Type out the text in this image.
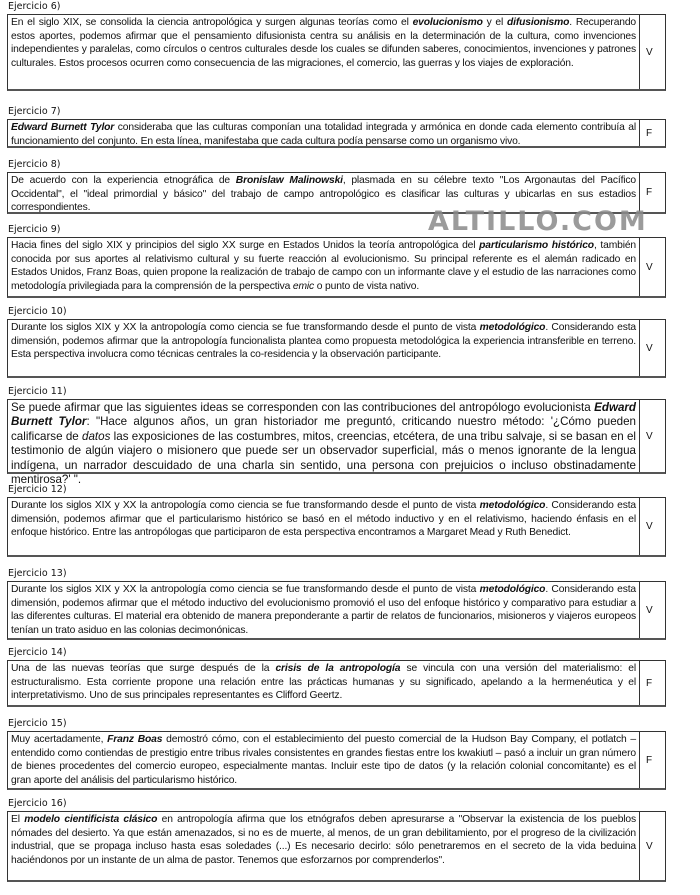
Ejercicio 6)
En el siglo XIX, se consolida la ciencia antropológica y surgen algunas teorías como el evolucionismo y el difusionismo. Recuperando estos aportes, podemos afirmar que el pensamiento difusionista centra su análisis en la determinación de la cultura, como invenciones independientes y paralelas, como círculos o centros culturales desde los cuales se difunden saberes, conocimientos, invenciones y patrones culturales. Estos procesos ocurren como consecuencia de las migraciones, el comercio, las guerras y los viajes de exploración.
V
Ejercicio 7)
Edward Burnett Tylor consideraba que las culturas componían una totalidad integrada y armónica en donde cada elemento contribuía al funcionamiento del conjunto. En esta línea, manifestaba que cada cultura podía pensarse como un organismo vivo.
F
Ejercicio 8)
De acuerdo con la experiencia etnográfica de Bronislaw Malinowski, plasmada en su célebre texto "Los Argonautas del Pacífico Occidental", el "ideal primordial y básico" del trabajo de campo antropológico es clasificar las culturas y ubicarlas en sus estadios correspondientes.
F
Ejercicio 9)
Hacia fines del siglo XIX y principios del siglo XX surge en Estados Unidos la teoría antropológica del particularismo histórico, también conocida por sus aportes al relativismo cultural y su fuerte reacción al evolucionismo. Su principal referente es el alemán radicado en Estados Unidos, Franz Boas, quien propone la realización de trabajo de campo con un informante clave y el estudio de las narraciones como metodología privilegiada para la comprensión de la perspectiva emic o punto de vista nativo.
V
Ejercicio 10)
Durante los siglos XIX y XX la antropología como ciencia se fue transformando desde el punto de vista metodológico. Considerando esta dimensión, podemos afirmar que la antropología funcionalista plantea como propuesta metodológica la experiencia intransferible en terreno. Esta perspectiva involucra como técnicas centrales la co-residencia y la observación participante.
V
Ejercicio 11)
Se puede afirmar que las siguientes ideas se corresponden con las contribuciones del antropólogo evolucionista Edward Burnett Tylor: "Hace algunos años, un gran historiador me preguntó, criticando nuestro método: '¿Cómo pueden calificarse de datos las exposiciones de las costumbres, mitos, creencias, etcétera, de una tribu salvaje, si se basan en el testimonio de algún viajero o misionero que puede ser un observador superficial, más o menos ignorante de la lengua indígena, un narrador descuidado de una charla sin sentido, una persona con prejuicios o incluso obstinadamente mentirosa?' ".
V
Ejercicio 12)
Durante los siglos XIX y XX la antropología como ciencia se fue transformando desde el punto de vista metodológico. Considerando esta dimensión, podemos afirmar que el particularismo histórico se basó en el método inductivo y en el relativismo, haciendo énfasis en el enfoque histórico. Entre las antropólogas que participaron de esta perspectiva encontramos a Margaret Mead y Ruth Benedict.
V
Ejercicio 13)
Durante los siglos XIX y XX la antropología como ciencia se fue transformando desde el punto de vista metodológico. Considerando esta dimensión, podemos afirmar que el método inductivo del evolucionismo promovió el uso del enfoque histórico y comparativo para estudiar a las diferentes culturas. El material era obtenido de manera preponderante a partir de relatos de funcionarios, misioneros y viajeros europeos tenían un trato asiduo en las colonias decimonónicas.
V
Ejercicio 14)
Una de las nuevas teorías que surge después de la crisis de la antropología se vincula con una versión del materialismo: el estructuralismo. Esta corriente propone una relación entre las prácticas humanas y su significado, apelando a la hermenéutica y el interpretativismo. Uno de sus principales representantes es Clifford Geertz.
F
Ejercicio 15)
Muy acertadamente, Franz Boas demostró cómo, con el establecimiento del puesto comercial de la Hudson Bay Company, el potlatch – entendido como contiendas de prestigio entre tribus rivales consistentes en grandes fiestas entre los kwakiutl – pasó a incluir un gran número de bienes procedentes del comercio europeo, especialmente mantas. Incluir este tipo de datos (y la relación colonial concomitante) es el gran aporte del análisis del particularismo histórico.
F
Ejercicio 16)
El modelo cientificista clásico en antropología afirma que los etnógrafos deben apresurarse a "Observar la existencia de los pueblos nómades del desierto. Ya que están amenazados, si no es de muerte, al menos, de un gran debilitamiento, por el progreso de la civilización industrial, que se propaga incluso hasta esas soledades (...) Es necesario decirlo: sólo penetraremos en el secreto de la vida beduina haciéndonos por un instante de un alma de pastor. Tenemos que esforzarnos por comprenderlos".
V
ALTILLO.COM
